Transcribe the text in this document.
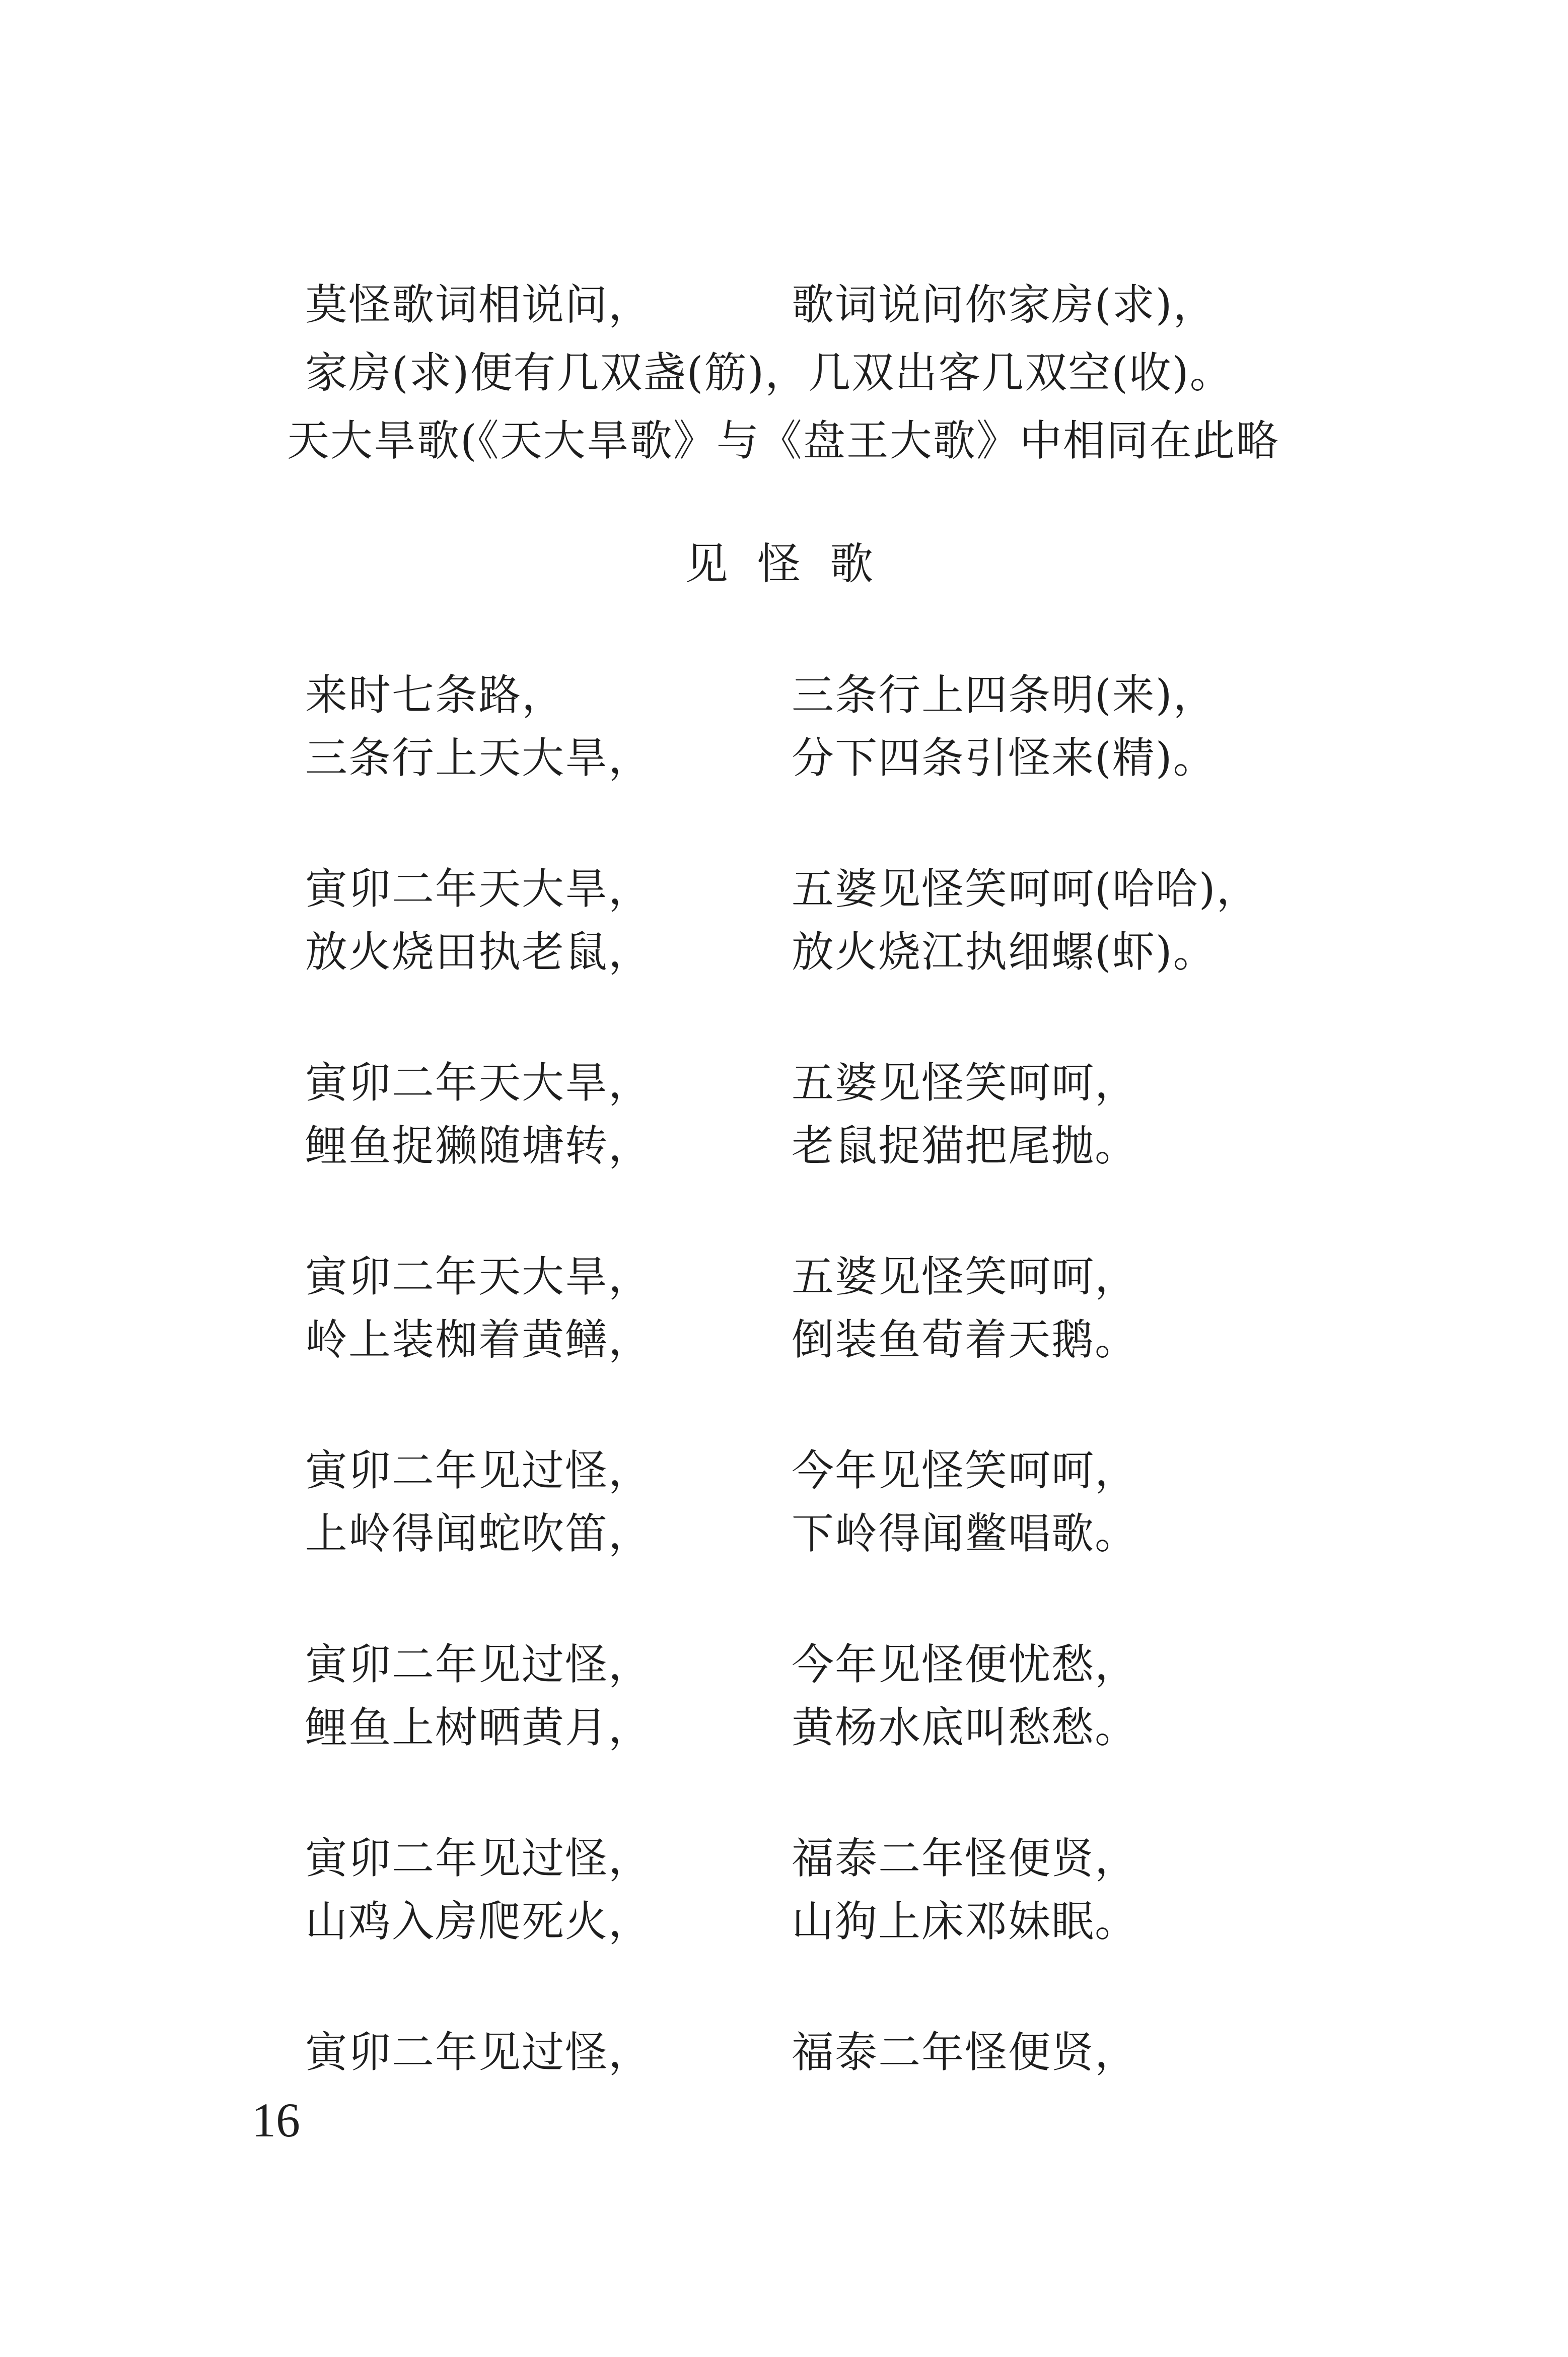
莫怪歌词相说问，	歌词说问你家房(求)，
家房(求)便有几双盏(筋)，几双出客几双空(收)。
天大旱歌(《天大旱歌》与《盘王大歌》中相同在此略
见怪歌
来时七条路，	三条行上四条明(来)，
三条行上天大旱，	分下四条引怪来(精)。
寅卯二年天大旱，	五婆见怪笑呵呵(哈哈)，
放火烧田执老鼠，	放火烧江执细螺(虾)。
寅卯二年天大旱，	五婆见怪笑呵呵，
鲤鱼捉獭随塘转，	老鼠捉猫把尾抛。
寅卯二年天大旱，	五婆见怪笑呵呵，
岭上装椥着黄鳝，	倒装鱼荀着天鹅。
寅卯二年见过怪，	今年见怪笑呵呵，
上岭得闻蛇吹笛，	下岭得闻鳖唱歌。
寅卯二年见过怪，	今年见怪便忧愁，
鲤鱼上树晒黄月，	黄杨水底叫愁愁。
寅卯二年见过怪，	福泰二年怪便贤，
山鸡入房爬死火，	山狗上床邓妹眠。
寅卯二年见过怪，	福泰二年怪便贤，
16
